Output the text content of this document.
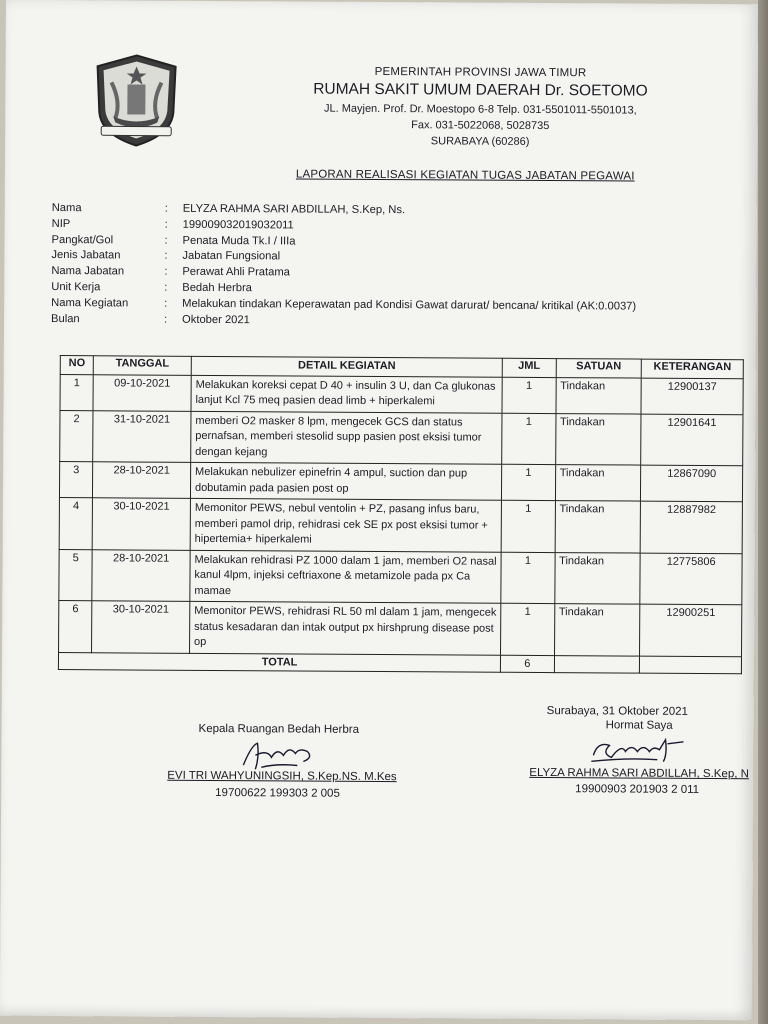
PEMERINTAH PROVINSI JAWA TIMUR
RUMAH SAKIT UMUM DAERAH Dr. SOETOMO
JL. Mayjen. Prof. Dr. Moestopo 6-8 Telp. 031-5501011-5501013,
Fax. 031-5022068, 5028735
SURABAYA (60286)
LAPORAN REALISASI KEGIATAN TUGAS JABATAN PEGAWAI
Nama	:	ELYZA RAHMA SARI ABDILLAH, S.Kep, Ns.
NIP	:	199009032019032011
Pangkat/Gol	:	Penata Muda Tk.I / IIIa
Jenis Jabatan	:	Jabatan Fungsional
Nama Jabatan	:	Perawat Ahli Pratama
Unit Kerja	:	Bedah Herbra
Nama Kegiatan	:	Melakukan tindakan Keperawatan pad Kondisi Gawat darurat/ bencana/ kritikal (AK:0.0037)
Bulan	:	Oktober 2021
NO	TANGGAL	DETAIL KEGIATAN	JML	SATUAN	KETERANGAN
1	09-10-2021	Melakukan koreksi cepat D 40 + insulin 3 U, dan Ca glukonas lanjut Kcl 75 meq pasien dead limb + hiperkalemi	1	Tindakan	12900137
2	31-10-2021	memberi O2 masker 8 lpm, mengecek GCS dan status pernafsan, memberi stesolid supp pasien post eksisi tumor dengan kejang	1	Tindakan	12901641
3	28-10-2021	Melakukan nebulizer epinefrin 4 ampul, suction dan pup dobutamin pada pasien post op	1	Tindakan	12867090
4	30-10-2021	Memonitor PEWS, nebul ventolin + PZ, pasang infus baru, memberi pamol drip, rehidrasi cek SE px post eksisi tumor + hipertemia+ hiperkalemi	1	Tindakan	12887982
5	28-10-2021	Melakukan rehidrasi PZ 1000 dalam 1 jam, memberi O2 nasal kanul 4lpm, injeksi ceftriaxone & metamizole pada px Ca mamae	1	Tindakan	12775806
6	30-10-2021	Memonitor PEWS, rehidrasi RL 50 ml dalam 1 jam, mengecek status kesadaran dan intak output px hirshprung disease post op	1	Tindakan	12900251
TOTAL			6		
Surabaya, 31 Oktober 2021
Hormat Saya
Kepala Ruangan Bedah Herbra
EVI TRI WAHYUNINGSIH, S.Kep.NS. M.Kes
19700622 199303 2 005
ELYZA RAHMA SARI ABDILLAH, S.Kep, N
19900903 201903 2 011
